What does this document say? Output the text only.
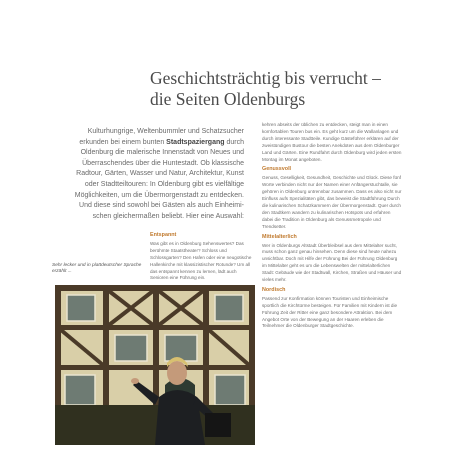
Geschichtsträchtig bis verrucht –
die Seiten Oldenburgs
Kulturhungrige, Weltenbummler und Schatzsucher
erkunden bei einem bunten Stadtspaziergang durch
Oldenburg die malerische Innenstadt von Neues und
Überraschendes über die Huntestadt. Ob klassische
Radtour, Gärten, Wasser und Natur, Architektur, Kunst
oder Stadtteiltouren: In Oldenburg gibt es vielfältige
Möglichkeiten, um die Übermorgenstadt zu entdecken.
Und diese sind sowohl bei Gästen als auch Einheimi-
schen gleichermaßen beliebt. Hier eine Auswahl:

kehren abseits der üblichen zu entdecken, steigt man in einen komfortablen Touren bus ein. Es geht kurz um die Wallanlagen und durch interessante Stadtteile. Kundige Gästeführer erklären auf der zweistündigen Bustour die besten Anekdoten aus dem Oldenburger Land und Gärten. Eine Rundfahrt durch Oldenburg wird jeden ersten Montag im Monat angeboten.

Genussvoll

Genuss, Geselligkeit, Gesundheit, Geschichte und Glück. Diese fünf Worte verbinden nicht nur der Namen einer Anfängerstuchtalle, sie gehören in Oldenburg untrennbar zusammen. Dass es also nicht nur Einfluss aufs Spezialitäten gibt, das beweist die Stadtführung Durch die kulinarischen Schatzkammern der Übermorgenstadt. Quer durch den Stadtkern wandern zu kulinarischen Hotspots und erfahren dabei die Tradition in Oldenburg als Genussmetropole und Trendsetter.

Mittelalterlich

Wer in Oldenburgs Altstadt Überbleibsel aus dem Mittelalter sucht, muss schon ganz genau hinsehen. Denn diese sind heute nahezu unsichtbar. Doch mit Hilfe der Führung Bei der Führung Oldenburg im Mittelalter geht es um die Lebenswelten der mittelalterlichen Stadt: Gebäude wie der Stadtwall, Kirchen, Straßen und Häuser und vieles mehr.

Nordisch

Passend zur Konfirmation können Touristen und Einheimische sportlich die Kirchtürme besteigen. Für Familien mit Kindern ist die Führung Zeit der Ritter eine ganz besondere Attraktion. Bei dem Angebot Orte von der Bewegung an der Haaren erleben die Teilnehmer die Oldenburger Stadtgeschichte.

Entspannt

Was gibt es in Oldenburg Sehenswertes? Das berühmte Staatstheater? Schloss und Schlossgarten? Den Hafen oder eine neugotische Hallenkirche mit klassizistischer Rotunde? Um all das entspannt kennen zu lernen, lädt auch Senioren eine Führung ein.

Sehr lecker und in plattdeutscher Sprache erzählt ...
